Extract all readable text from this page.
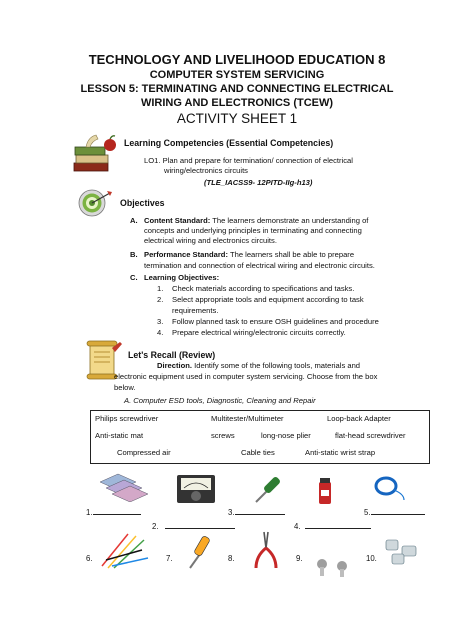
TECHNOLOGY AND LIVELIHOOD EDUCATION 8
COMPUTER SYSTEM SERVICING
LESSON 5: TERMINATING AND CONNECTING ELECTRICAL
WIRING AND ELECTRONICS (TCEW)
ACTIVITY SHEET 1
Learning Competencies (Essential Competencies)
LO1. Plan and prepare for termination/ connection of electrical
wiring/electronics circuits
(TLE_IACSS9- 12PITD-IIg-h13)
Objectives
A. Content Standard: The learners demonstrate an understanding of
concepts and underlying principles in terminating and connecting
electrical wiring and electronics circuits.
B. Performance Standard: The learners shall be able to prepare
termination and connection of electrical wiring and electronic circuits.
C. Learning Objectives:
1. Check materials according to specifications and tasks.
2. Select appropriate tools and equipment according to task
requirements.
3. Follow planned task to ensure OSH guidelines and procedure
4. Prepare electrical wiring/electronic circuits correctly.
Let's Recall (Review)
Direction. Identify some of the following tools, materials and
electronic equipment used in computer system servicing. Choose from the box
below.
A. Computer ESD tools, Diagnostic, Cleaning and Repair
Philips screwdriver	Multitester/Multimeter	Loop-back Adapter
Anti-static mat	screws	long-nose plier	flat-head screwdriver
Compressed air	Cable ties	Anti-static wrist strap
1.	3.	5.
2.	4.
6.	7.	8.	9.	10.
